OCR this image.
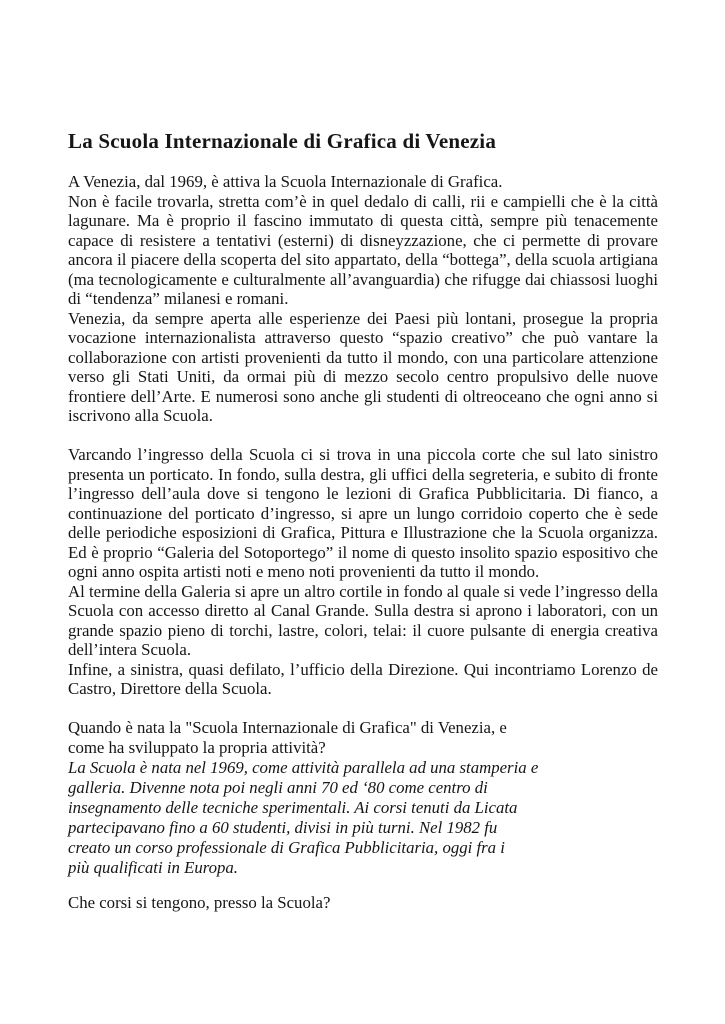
La Scuola Internazionale di Grafica di Venezia
A Venezia, dal 1969, è attiva la Scuola Internazionale di Grafica.
Non è facile trovarla, stretta com’è in quel dedalo di calli, rii e campielli che è la città
lagunare. Ma è proprio il fascino immutato di questa città, sempre più tenacemente
capace di resistere a tentativi (esterni) di disneyzzazione, che ci permette di provare
ancora il piacere della scoperta del sito appartato, della “bottega”, della scuola artigiana
(ma tecnologicamente e culturalmente all’avanguardia) che rifugge dai chiassosi luoghi
di “tendenza” milanesi e romani.
Venezia, da sempre aperta alle esperienze dei Paesi più lontani, prosegue la propria
vocazione internazionalista attraverso questo “spazio creativo” che può vantare la
collaborazione con artisti provenienti da tutto il mondo, con una particolare attenzione
verso gli Stati Uniti, da ormai più di mezzo secolo centro propulsivo delle nuove
frontiere dell’Arte. E numerosi sono anche gli studenti di oltreoceano che ogni anno si
iscrivono alla Scuola.
Varcando l’ingresso della Scuola ci si trova in una piccola corte che sul lato sinistro
presenta un porticato. In fondo, sulla destra, gli uffici della segreteria, e subito di fronte
l’ingresso dell’aula dove si tengono le lezioni di Grafica Pubblicitaria. Di fianco, a
continuazione del porticato d’ingresso, si apre un lungo corridoio coperto che è sede
delle periodiche esposizioni di Grafica, Pittura e Illustrazione che la Scuola organizza.
Ed è proprio “Galeria del Sotoportego” il nome di questo insolito spazio espositivo che
ogni anno ospita artisti noti e meno noti provenienti da tutto il mondo.
Al termine della Galeria si apre un altro cortile in fondo al quale si vede l’ingresso della
Scuola con accesso diretto al Canal Grande. Sulla destra si aprono i laboratori, con un
grande spazio pieno di torchi, lastre, colori, telai: il cuore pulsante di energia creativa
dell’intera Scuola.
Infine, a sinistra, quasi defilato, l’ufficio della Direzione. Qui incontriamo Lorenzo de
Castro, Direttore della Scuola.
Quando è nata la "Scuola Internazionale di Grafica" di Venezia, e
come ha sviluppato la propria attività?
La Scuola è nata nel 1969, come attività parallela ad una stamperia e
galleria. Divenne nota poi negli anni 70 ed ‘80 come centro di
insegnamento delle tecniche sperimentali. Ai corsi tenuti da Licata
partecipavano fino a 60 studenti, divisi in più turni. Nel 1982 fu
creato un corso professionale di Grafica Pubblicitaria, oggi fra i
più qualificati in Europa.
Che corsi si tengono, presso la Scuola?
